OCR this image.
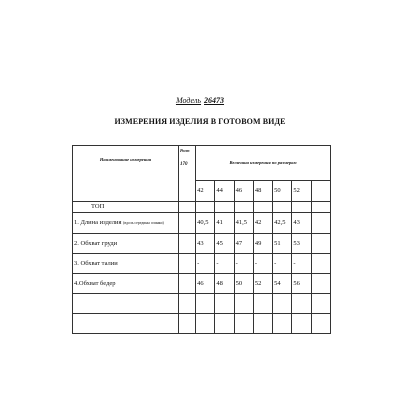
Модель 26473
ИЗМЕРЕНИЯ ИЗДЕЛИЯ В ГОТОВОМ ВИДЕ
Наименование измерения	Рост
170	Величина измерения по размерам						
		42	44	46	48	50	52	
ТОП								
1. Длина изделия (вдоль середины спинки)		40,5	41	41,5	42	42,5	43	
2. Обхват груди		43	45	47	49	51	53	
3. Обхват талии		-	-	-	-	-	-	
4.Обхват бедер		46	48	50	52	54	56	
